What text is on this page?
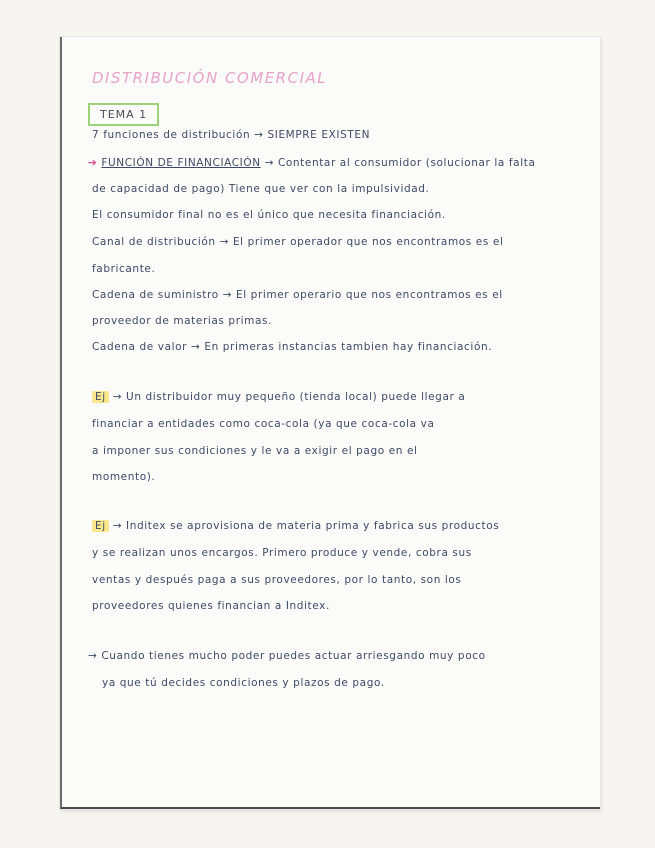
DISTRIBUCIÓN COMERCIAL
TEMA 1
7 funciones de distribución → SIEMPRE EXISTEN
➔ FUNCIÓN DE FINANCIACIÓN → Contentar al consumidor (solucionar la falta
de capacidad de pago) Tiene que ver con la impulsividad.
El consumidor final no es el único que necesita financiación.
Canal de distribución → El primer operador que nos encontramos es el
fabricante.
Cadena de suministro → El primer operario que nos encontramos es el
proveedor de materias primas.
Cadena de valor → En primeras instancias tambien hay financiación.
Ej → Un distribuidor muy pequeño (tienda local) puede llegar a
financiar a entidades como coca-cola (ya que coca-cola va
a imponer sus condiciones y le va a exigir el pago en el
momento).
Ej → Inditex se aprovisiona de materia prima y fabrica sus productos
y se realizan unos encargos. Primero produce y vende, cobra sus
ventas y después paga a sus proveedores, por lo tanto, son los
proveedores quienes financian a Inditex.
→ Cuando tienes mucho poder puedes actuar arriesgando muy poco
ya que tú decides condiciones y plazos de pago.
